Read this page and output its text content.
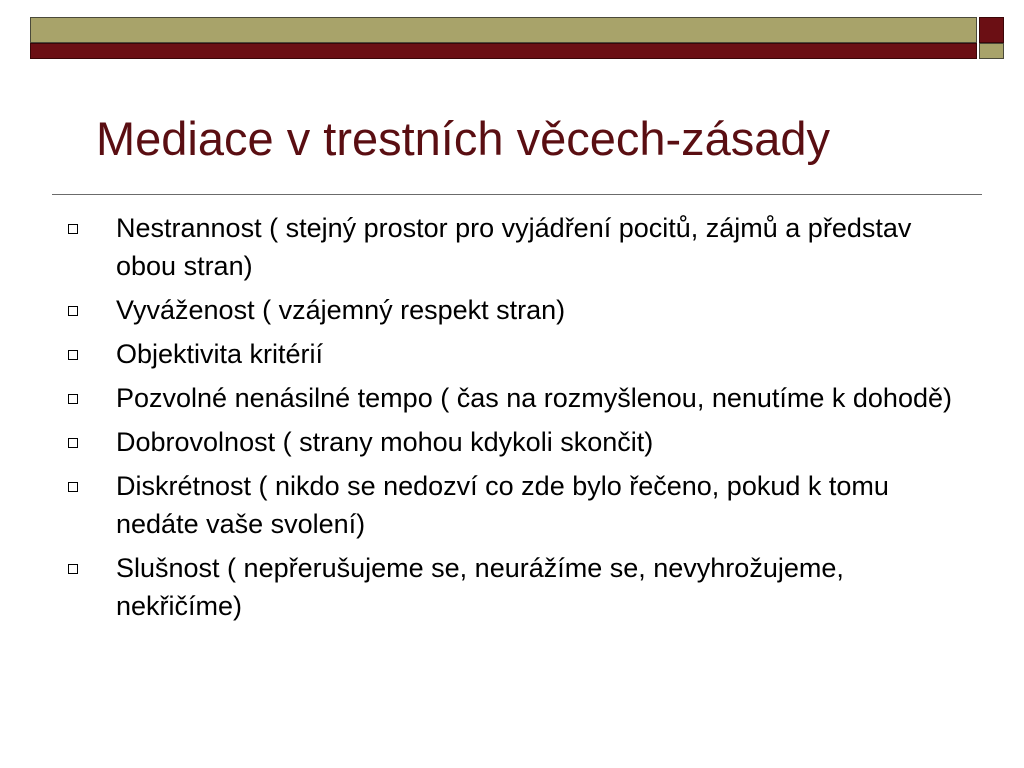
Mediace v trestních věcech-zásady
Nestrannost ( stejný prostor pro vyjádření pocitů, zájmů a představ obou stran)
Vyváženost ( vzájemný respekt stran)
Objektivita kritérií
Pozvolné nenásilné tempo ( čas na rozmyšlenou, nenutíme k dohodě)
Dobrovolnost ( strany mohou kdykoli skončit)
Diskrétnost ( nikdo se nedozví co zde bylo řečeno, pokud k tomu nedáte vaše svolení)
Slušnost ( nepřerušujeme se, neurážíme se, nevyhrožujeme, nekřičíme)
